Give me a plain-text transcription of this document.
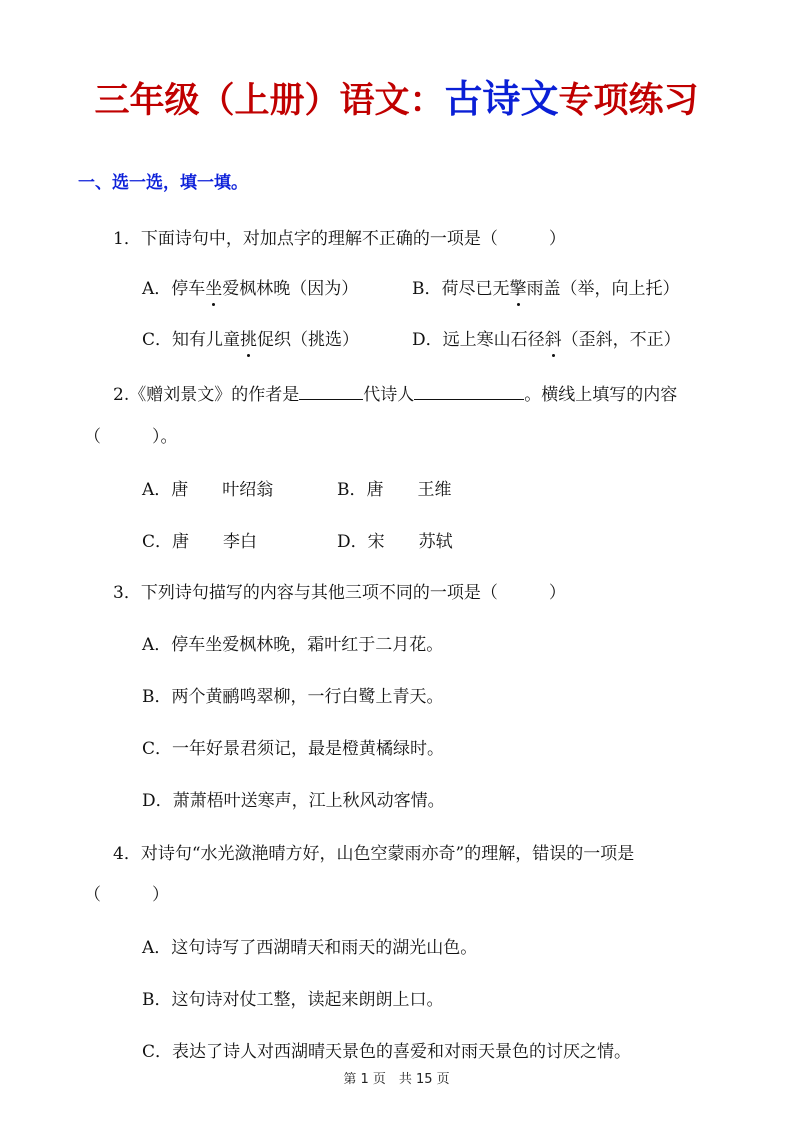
三年级（上册）语文：古诗文专项练习
一、选一选，填一填。
1．下面诗句中，对加点字的理解不正确的一项是（　　　）
A．停车坐爱枫林晚（因为）	B．荷尽已无擎雨盖（举，向上托）
C．知有儿童挑促织（挑选）	D．远上寒山石径斜（歪斜，不正）
2.《赠刘景文》的作者是	代诗人	。横线上填写的内容
（　　　）。
A．唐　　叶绍翁	B．唐　　王维
C．唐　　李白	D．宋　　苏轼
3．下列诗句描写的内容与其他三项不同的一项是（　　　）
A．停车坐爱枫林晚，霜叶红于二月花。
B．两个黄鹂鸣翠柳，一行白鹭上青天。
C．一年好景君须记，最是橙黄橘绿时。
D．萧萧梧叶送寒声，江上秋风动客情。
4．对诗句“水光潋滟晴方好，山色空蒙雨亦奇”的理解，错误的一项是
（　　　）
A．这句诗写了西湖晴天和雨天的湖光山色。
B．这句诗对仗工整，读起来朗朗上口。
C．表达了诗人对西湖晴天景色的喜爱和对雨天景色的讨厌之情。
第 1 页　共 15 页
